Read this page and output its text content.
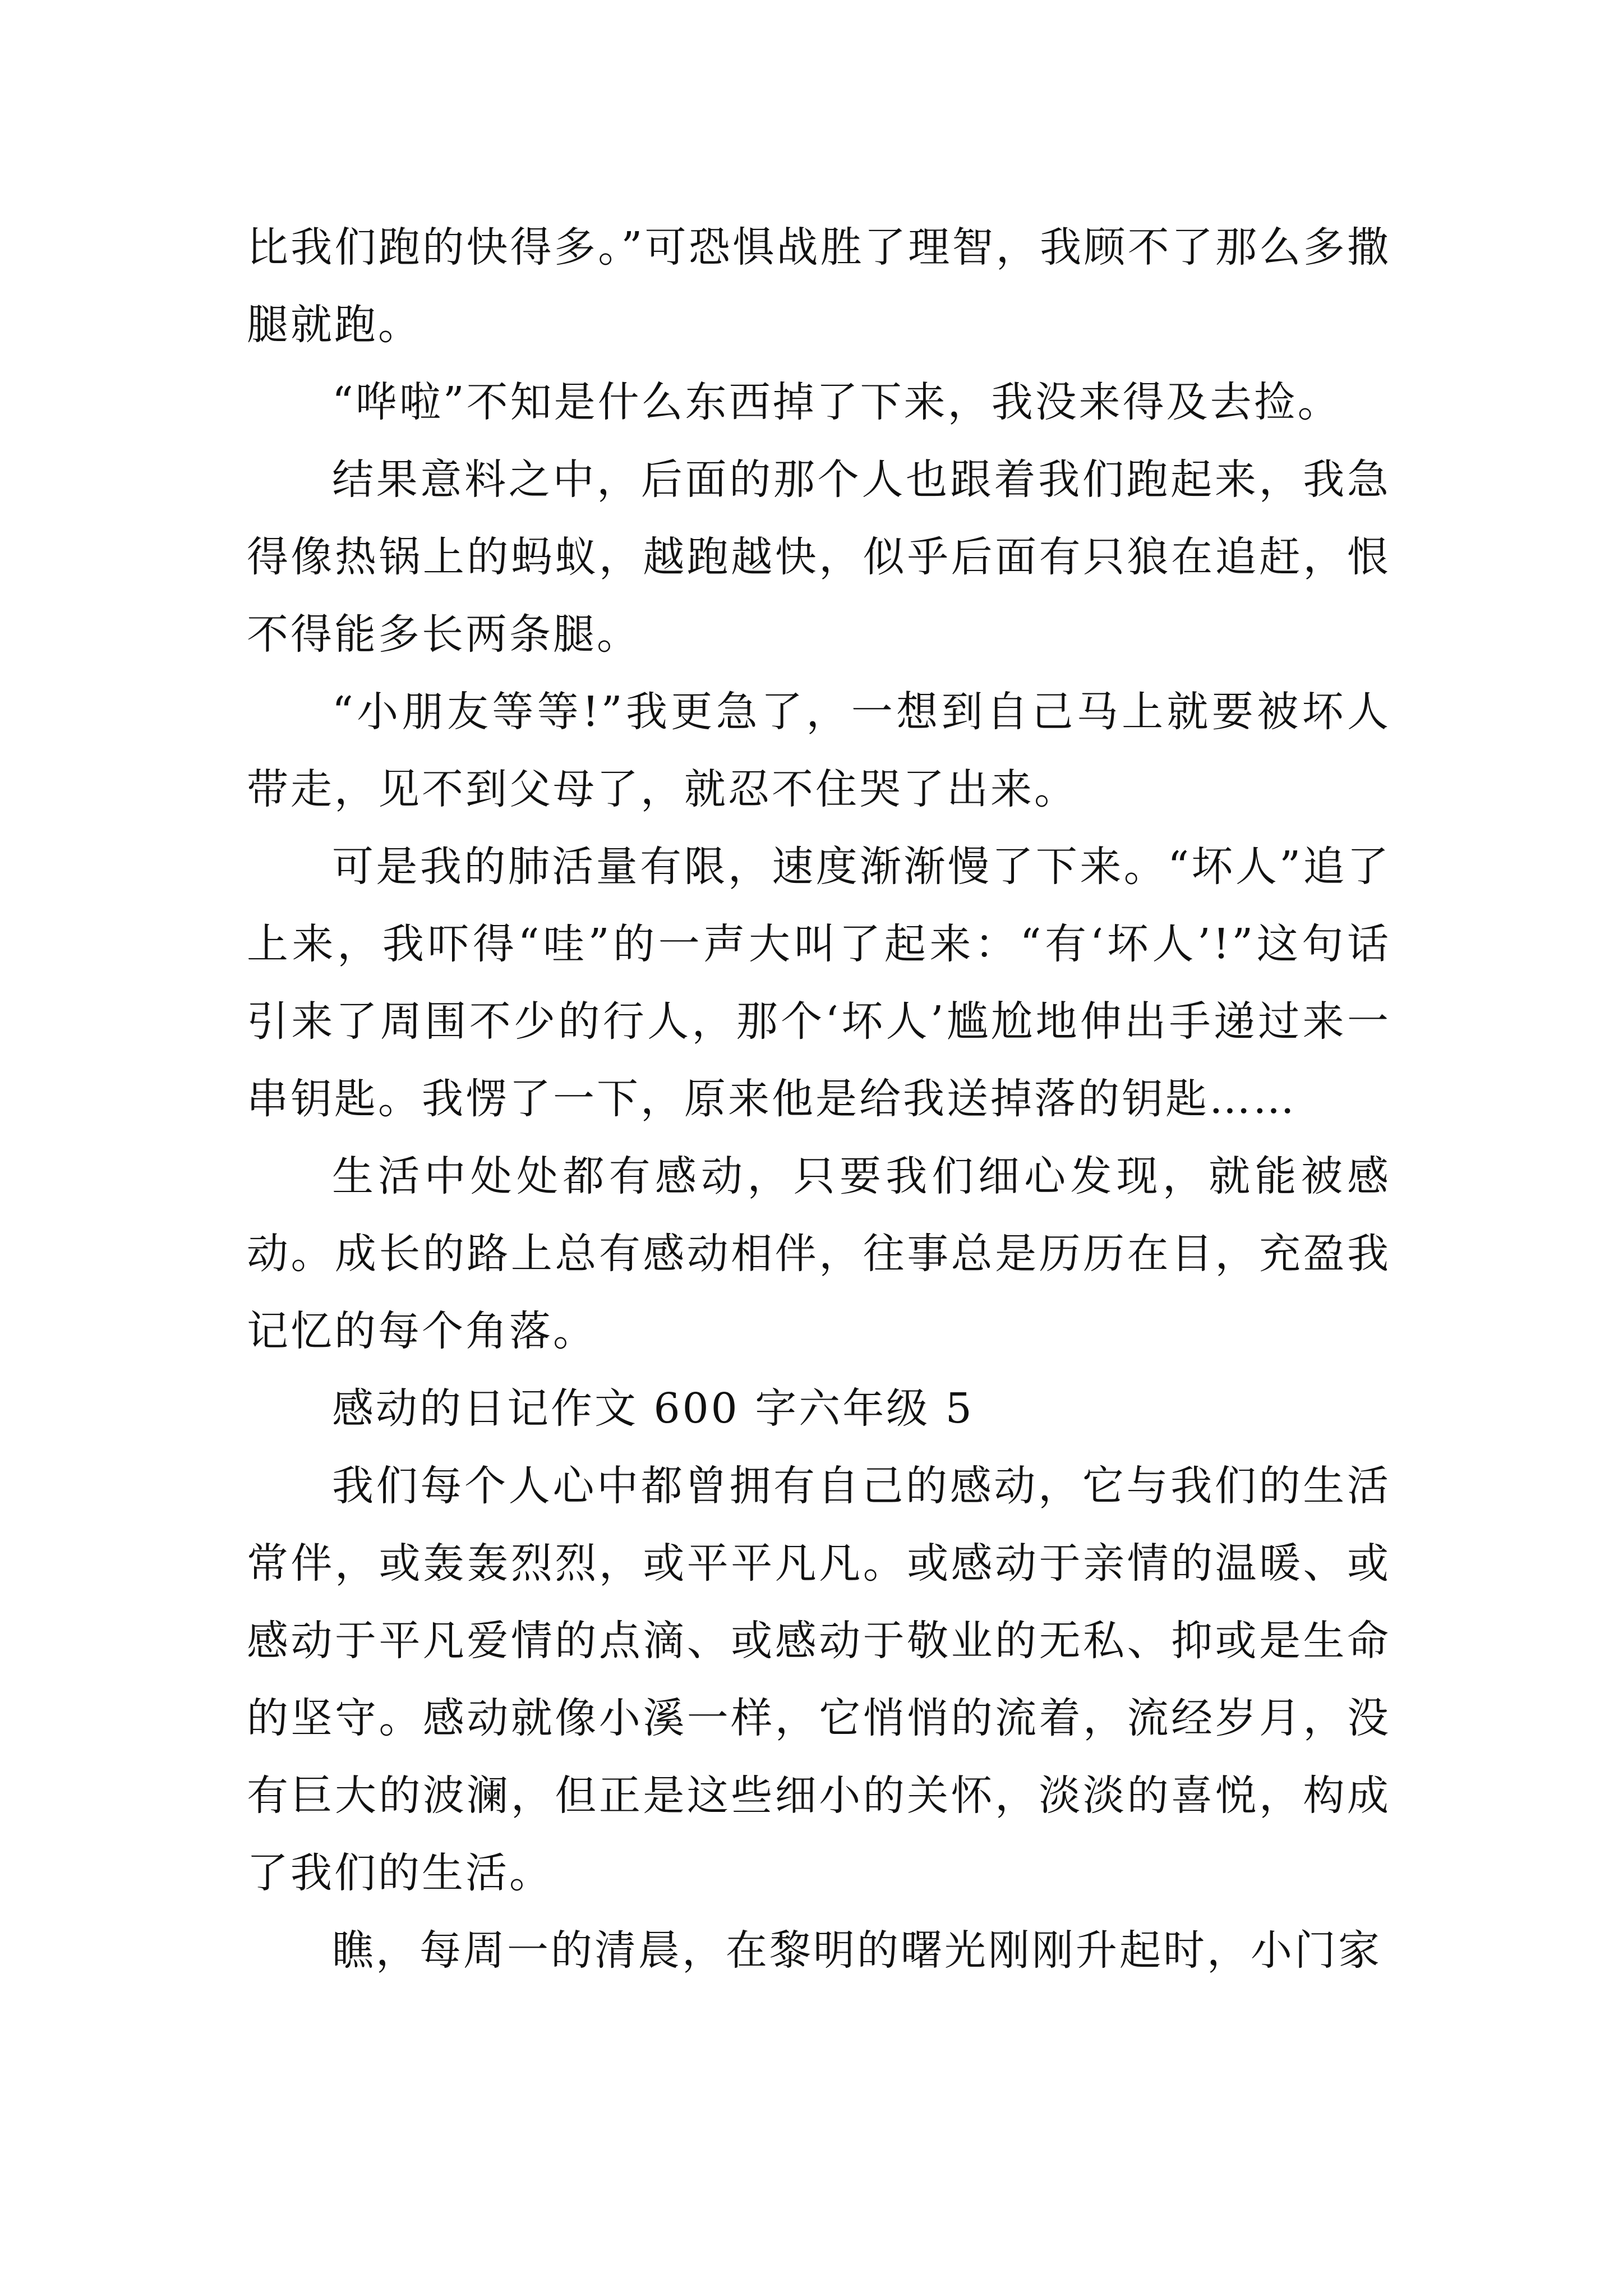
比我们跑的快得多。”可恐惧战胜了理智，我顾不了那么多撒腿就跑。

“哗啦”不知是什么东西掉了下来，我没来得及去捡。

结果意料之中，后面的那个人也跟着我们跑起来，我急得像热锅上的蚂蚁，越跑越快，似乎后面有只狼在追赶，恨不得能多长两条腿。

“小朋友等等!”我更急了，一想到自己马上就要被坏人带走，见不到父母了，就忍不住哭了出来。

可是我的肺活量有限，速度渐渐慢了下来。“坏人”追了上来，我吓得“哇”的一声大叫了起来：“有‘坏人’!”这句话引来了周围不少的行人，那个‘坏人’尴尬地伸出手递过来一串钥匙。我愣了一下，原来他是给我送掉落的钥匙……

生活中处处都有感动，只要我们细心发现，就能被感动。成长的路上总有感动相伴，往事总是历历在目，充盈我记忆的每个角落。

感动的日记作文 600 字六年级 5

我们每个人心中都曾拥有自己的感动，它与我们的生活常伴，或轰轰烈烈，或平平凡凡。或感动于亲情的温暖、或感动于平凡爱情的点滴、或感动于敬业的无私、抑或是生命的坚守。感动就像小溪一样，它悄悄的流着，流经岁月，没有巨大的波澜，但正是这些细小的关怀，淡淡的喜悦，构成了我们的生活。

瞧，每周一的清晨，在黎明的曙光刚刚升起时，小门家
